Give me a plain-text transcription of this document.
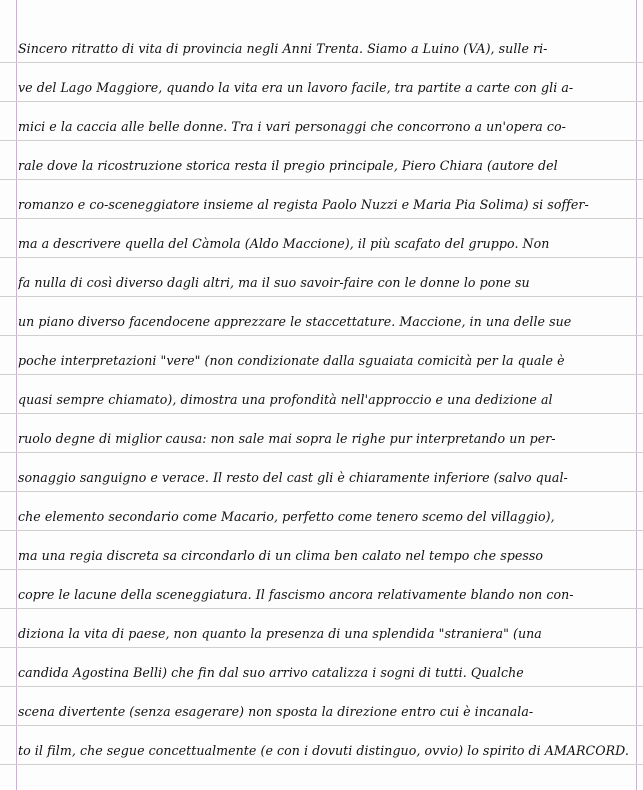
Sincero ritratto di vita di provincia negli Anni Trenta. Siamo a Luino (VA), sulle ri-
ve del Lago Maggiore, quando la vita era un lavoro facile, tra partite a carte con gli a-
mici e la caccia alle belle donne. Tra i vari personaggi che concorrono a un'opera co-
rale dove la ricostruzione storica resta il pregio principale, Piero Chiara (autore del
romanzo e co-sceneggiatore insieme al regista Paolo Nuzzi e Maria Pia Solima) si soffer-
ma a descrivere quella del Càmola (Aldo Maccione), il più scafato del gruppo. Non
fa nulla di così diverso dagli altri, ma il suo savoir-faire con le donne lo pone su
un piano diverso facendocene apprezzare le staccettature. Maccione, in una delle sue
poche interpretazioni "vere" (non condizionate dalla sguaiata comicità per la quale è
quasi sempre chiamato), dimostra una profondità nell'approccio e una dedizione al
ruolo degne di miglior causa: non sale mai sopra le righe pur interpretando un per-
sonaggio sanguigno e verace. Il resto del cast gli è chiaramente inferiore (salvo qual-
che elemento secondario come Macario, perfetto come tenero scemo del villaggio),
ma una regia discreta sa circondarlo di un clima ben calato nel tempo che spesso
copre le lacune della sceneggiatura. Il fascismo ancora relativamente blando non con-
diziona la vita di paese, non quanto la presenza di una splendida "straniera" (una
candida Agostina Belli) che fin dal suo arrivo catalizza i sogni di tutti. Qualche
scena divertente (senza esagerare) non sposta la direzione entro cui è incanala-
to il film, che segue concettualmente (e con i dovuti distinguo, ovvio) lo spirito di AMARCORD.
